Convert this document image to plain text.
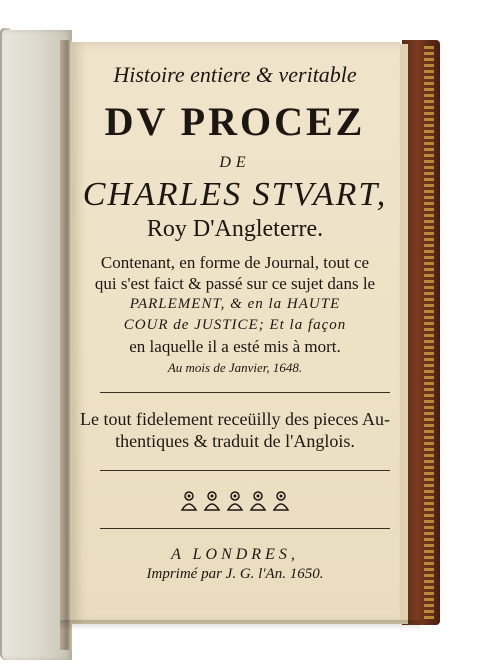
Histoire entiere & veritable
DV PROCEZ
DE
CHARLES STVART,
Roy D'Angleterre.
Contenant, en forme de Journal, tout ce
qui s'est faict & passé sur ce sujet dans le
PARLEMENT, & en la HAUTE
COUR de JUSTICE; Et la façon
en laquelle il a esté mis à mort.
Au mois de Janvier, 1648.
Le tout fidelement receüilly des pieces Au-
thentiques & traduit de l'Anglois.
A LONDRES,
Imprimé par J. G. l'An. 1650.
